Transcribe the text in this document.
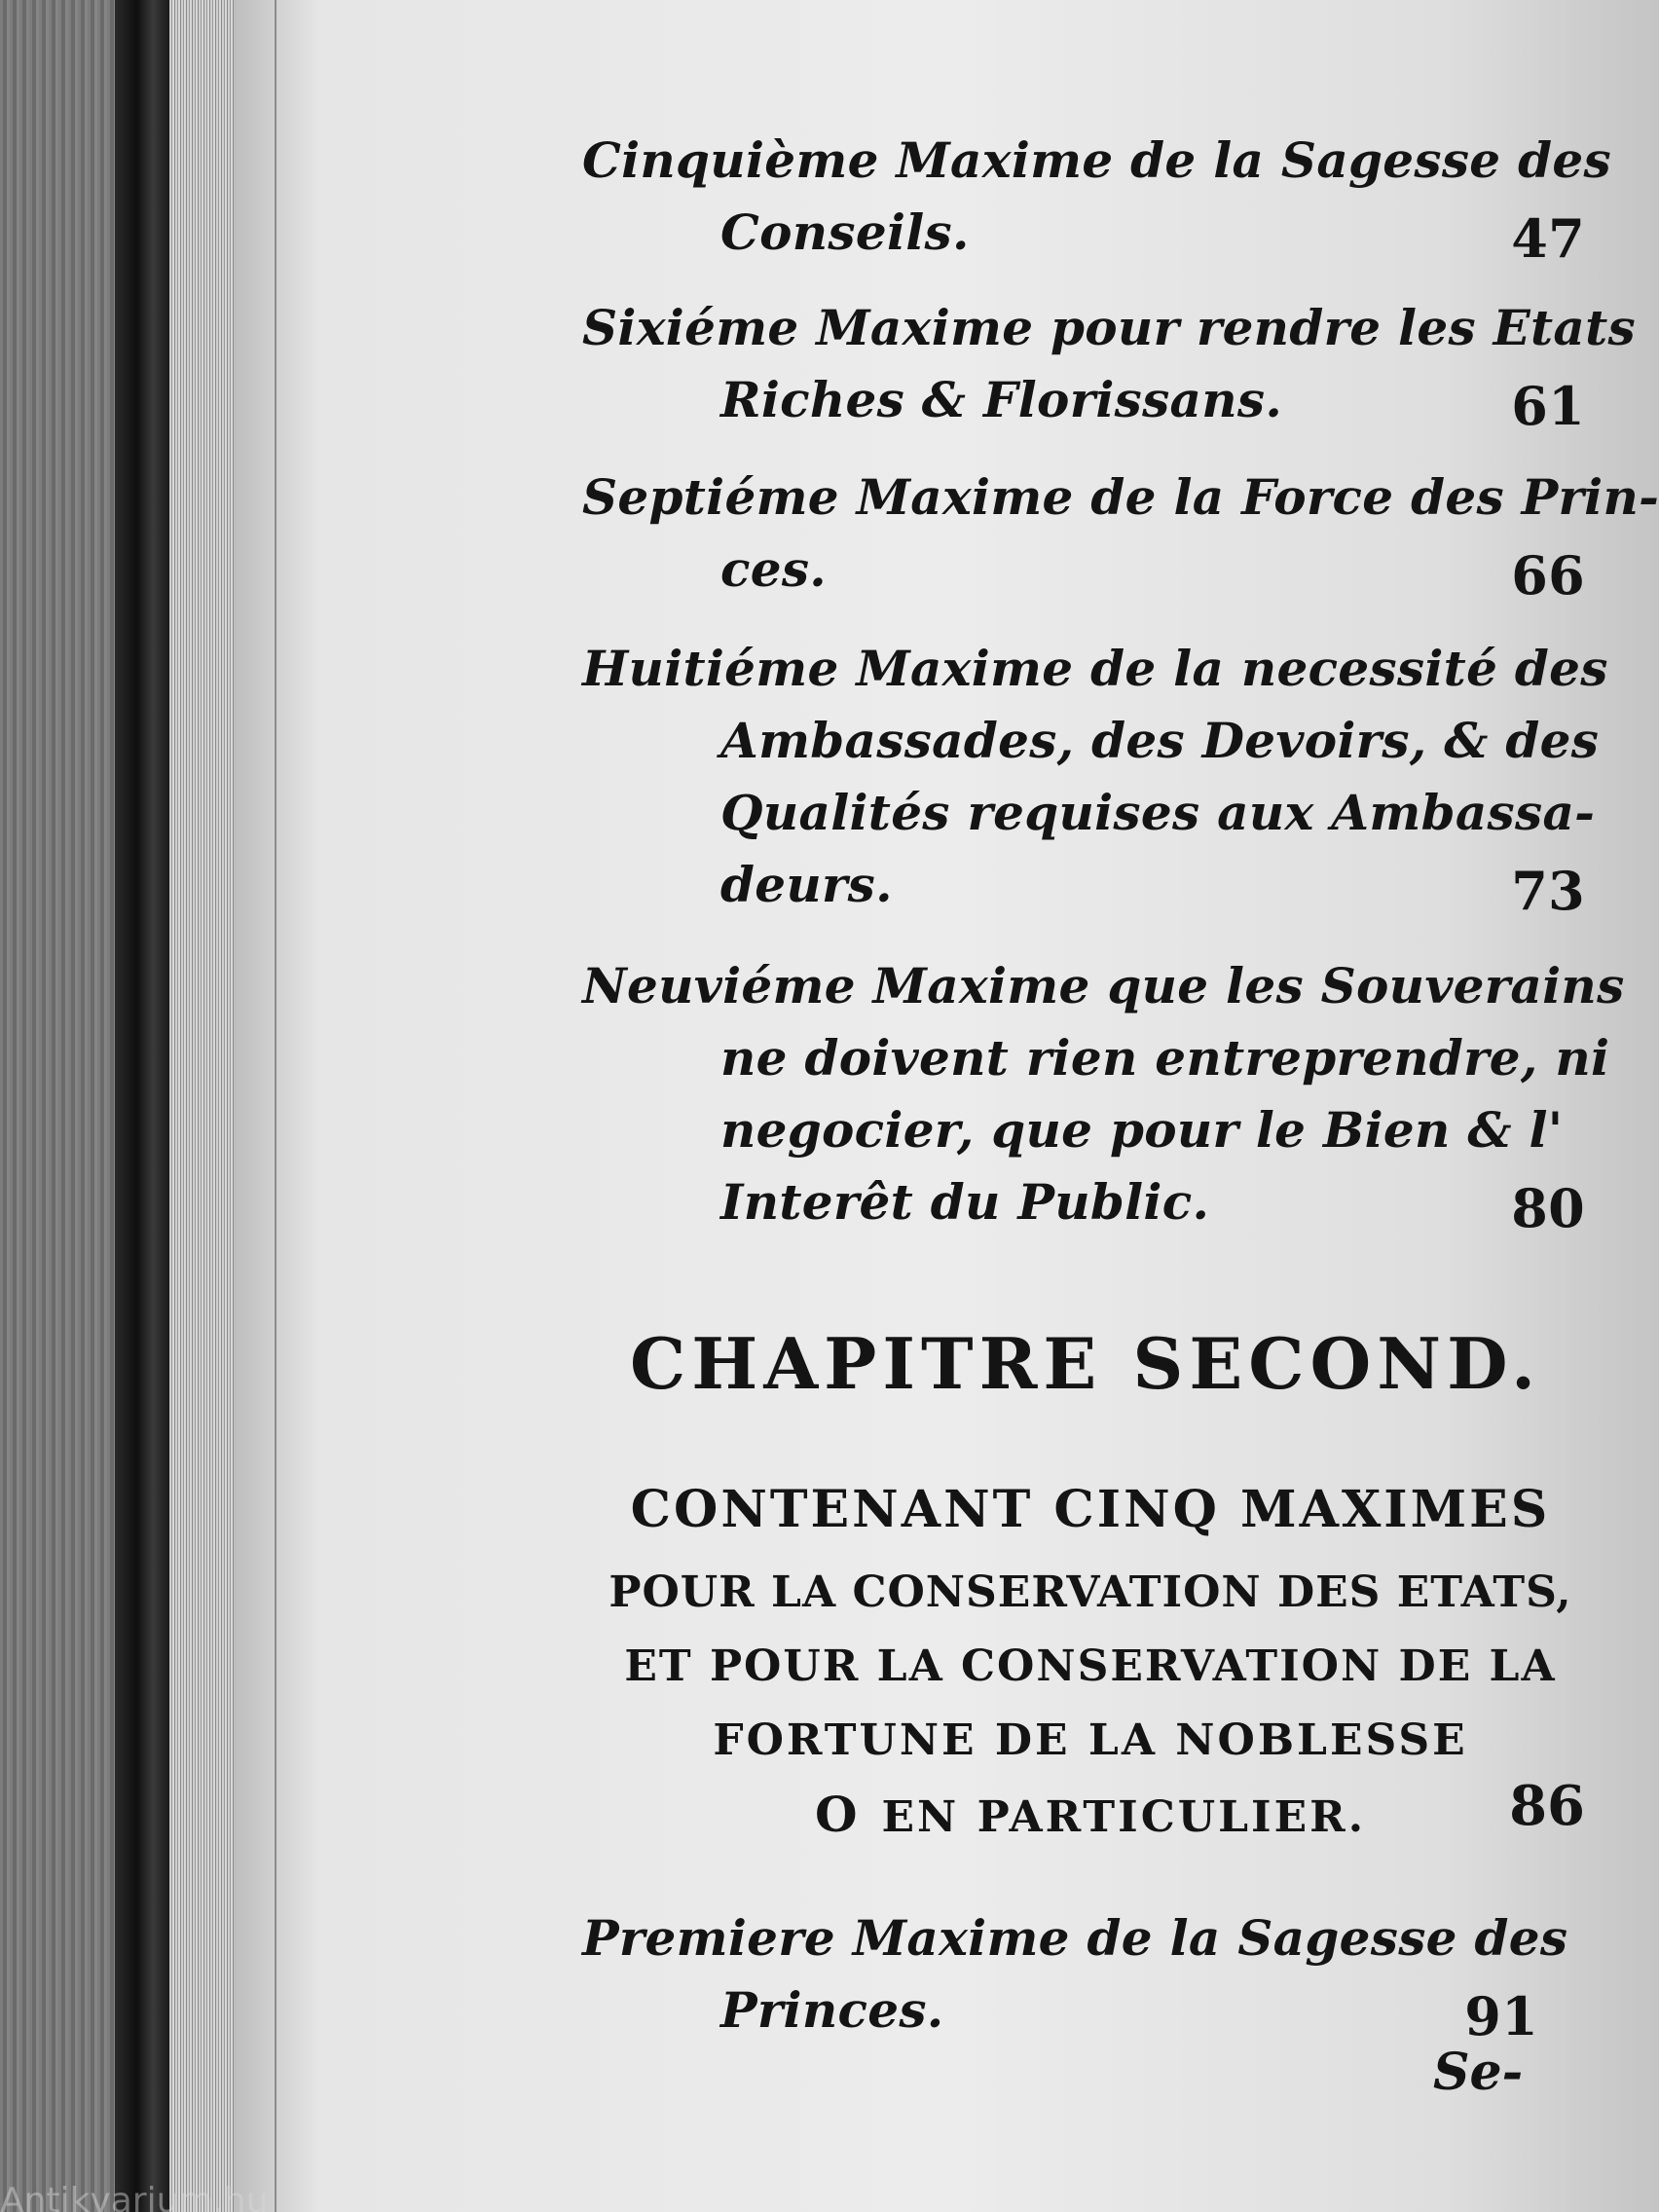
Cinquième Maxime de la Sagesse des
Conseils.	47
Sixiéme Maxime pour rendre les Etats
Riches & Florissans.	61
Septiéme Maxime de la Force des Prin-
ces.	66
Huitiéme Maxime de la necessité des
Ambassades, des Devoirs, & des
Qualités requises aux Ambassa-
deurs.	73
Neuviéme Maxime que les Souverains
ne doivent rien entreprendre, ni
negocier, que pour le Bien & l'
Interêt du Public.	80
CHAPITRE SECOND.
CONTENANT CINQ MAXIMES
POUR LA CONSERVATION DES ETATS,
ET POUR LA CONSERVATION DE LA
FORTUNE DE LA NOBLESSE
O EN PARTICULIER.	86
Premiere Maxime de la Sagesse des
Princes.	91
Se-
Antikvarium.hu
